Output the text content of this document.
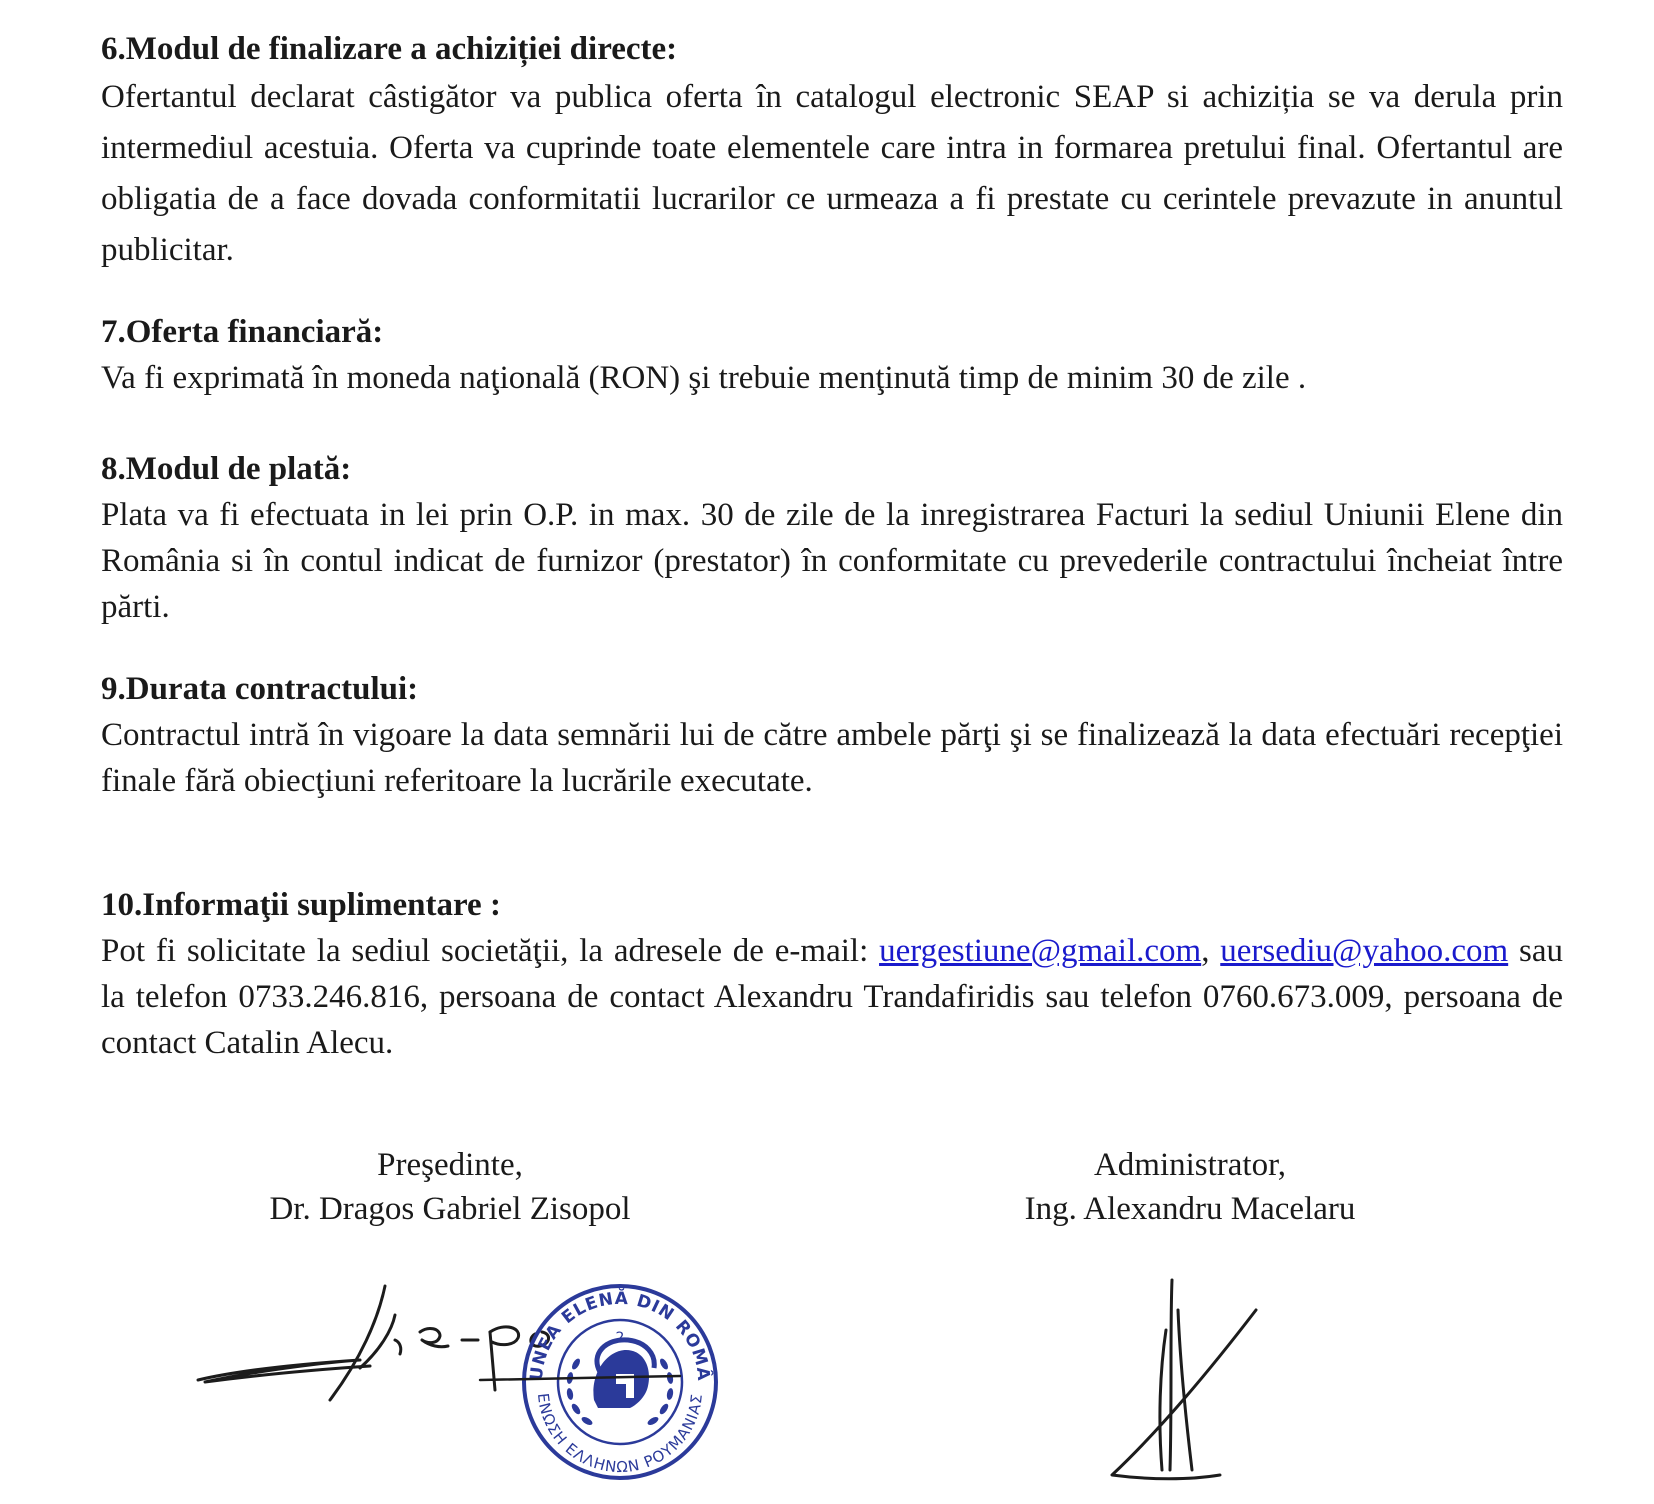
6.Modul de finalizare a achiziției directe:

Ofertantul declarat câstigător va publica oferta în catalogul electronic SEAP si achiziția se va derula prin intermediul acestuia. Oferta va cuprinde toate elementele care intra in formarea pretului final. Ofertantul are obligatia de a face dovada conformitatii lucrarilor ce urmeaza a fi prestate cu cerintele prevazute in anuntul publicitar.

7.Oferta financiară:

Va fi exprimată în moneda naţională (RON) şi trebuie menţinută timp de minim 30 de zile .

8.Modul de plată:

Plata va fi efectuata in lei prin O.P. in max. 30 de zile de la inregistrarea Facturi la sediul Uniunii Elene din România si în contul indicat de furnizor (prestator) în conformitate cu prevederile contractului încheiat între părti.

9.Durata contractului:

Contractul intră în vigoare la data semnării lui de către ambele părţi şi se finalizează la data efectuări recepţiei finale fără obiecţiuni referitoare la lucrările executate.

10.Informaţii suplimentare :

Pot fi solicitate la sediul societăţii, la adresele de e-mail: uergestiune@gmail.com, uersediu@yahoo.com sau la telefon 0733.246.816, persoana de contact Alexandru Trandafiridis sau telefon 0760.673.009, persoana de contact Catalin Alecu.

Preşedinte,
Dr. Dragos Gabriel Zisopol
Administrator,
Ing. Alexandru Macelaru
UNEA ELENĂ DIN ROMÂ
ΕΝΩΣΗ ΕΛΛΗΝΩΝ ΡΟΥΜΑΝΙΑΣ
2
